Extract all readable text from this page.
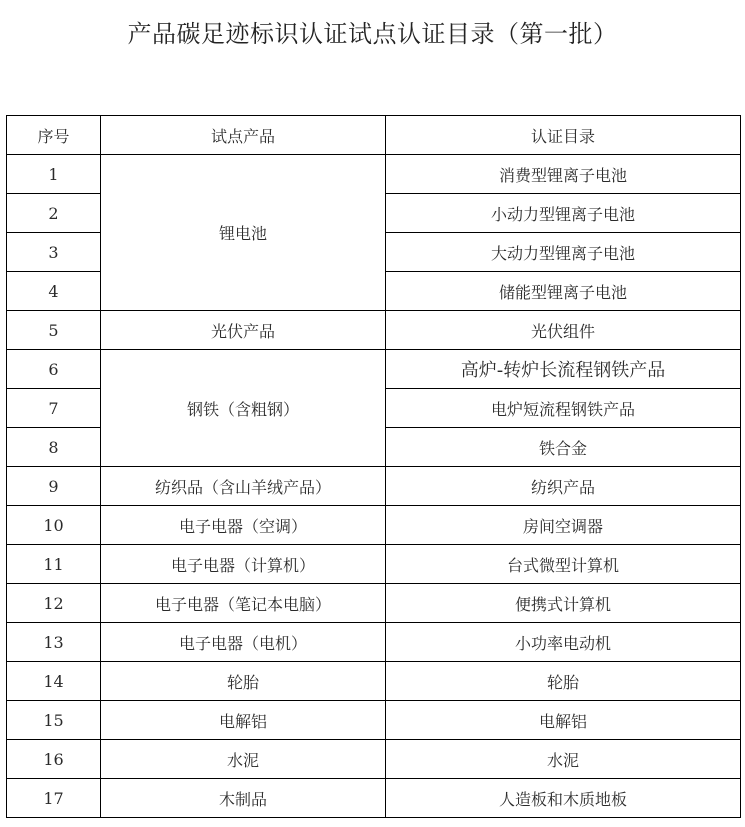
产品碳足迹标识认证试点认证目录（第一批）
序号	试点产品	认证目录
1	锂电池	消费型锂离子电池
2		小动力型锂离子电池
3		大动力型锂离子电池
4		储能型锂离子电池
5	光伏产品	光伏组件
6	钢铁（含粗钢）	高炉-转炉长流程钢铁产品
7		电炉短流程钢铁产品
8		铁合金
9	纺织品（含山羊绒产品）	纺织产品
10	电子电器（空调）	房间空调器
11	电子电器（计算机）	台式微型计算机
12	电子电器（笔记本电脑）	便携式计算机
13	电子电器（电机）	小功率电动机
14	轮胎	轮胎
15	电解铝	电解铝
16	水泥	水泥
17	木制品	人造板和木质地板
